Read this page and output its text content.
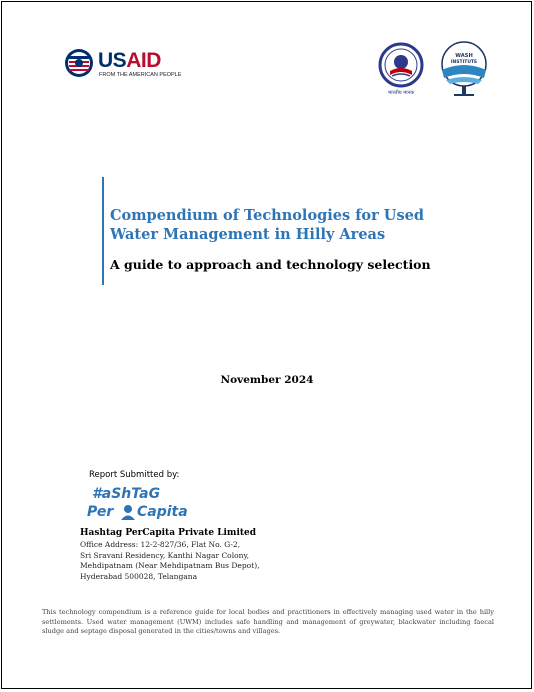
USAID
FROM THE AMERICAN PEOPLE
भारतीय मानक
WASH
INSTITUTE
Compendium of Technologies for Used
Water Management in Hilly Areas
A guide to approach and technology selection
November 2024
Report Submitted by:
#aShTaG
Per Capita
Hashtag PerCapita Private Limited
Office Address: 12-2-827/36, Flat No. G-2,
Sri Sravani Residency, Kanthi Nagar Colony,
Mehdipatnam (Near Mehdipatnam Bus Depot),
Hyderabad 500028, Telangana
This technology compendium is a reference guide for local bodies and practitioners in effectively managing used water in the hilly settlements. Used water management (UWM) includes safe handling and management of greywater, blackwater including faecal sludge and septage disposal generated in the cities/towns and villages.
